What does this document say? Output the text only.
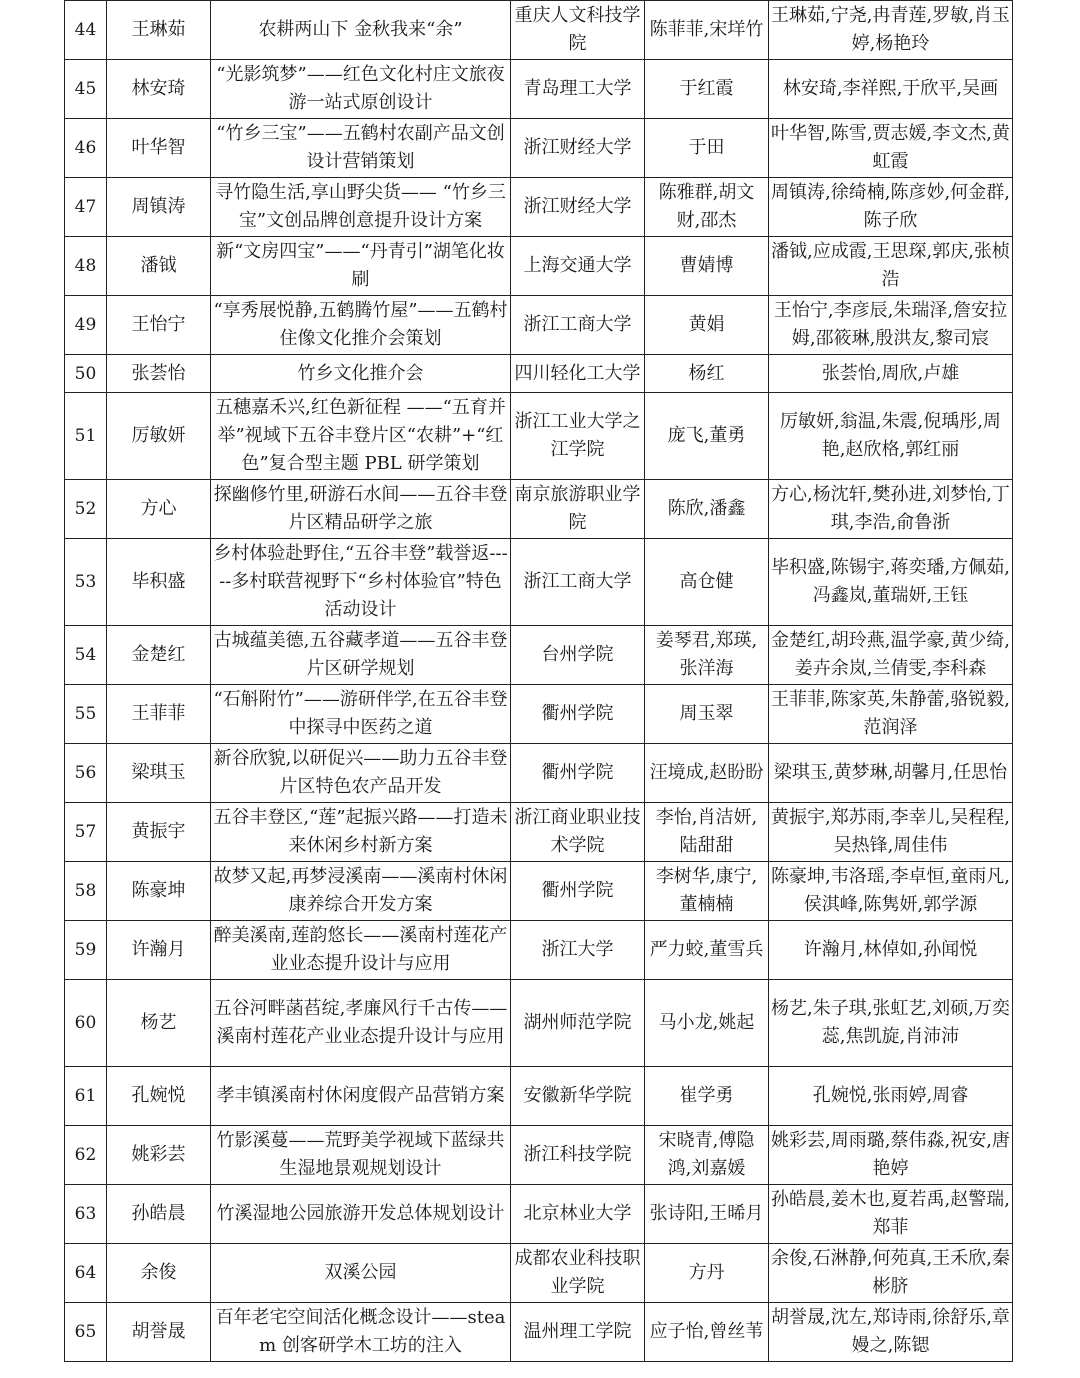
44	王琳茹	农耕两山下 金秋我来“余”	重庆人文科技学院	陈菲菲,宋垟竹	王琳茹,宁尧,冉青莲,罗敏,肖玉婷,杨艳玲
45	林安琦	“光影筑梦”——红色文化村庄文旅夜游一站式原创设计	青岛理工大学	于红霞	林安琦,李祥熙,于欣平,吴画
46	叶华智	“竹乡三宝”——五鹤村农副产品文创设计营销策划	浙江财经大学	于田	叶华智,陈雪,贾志媛,李文杰,黄虹霞
47	周镇涛	寻竹隐生活,享山野尖货—— “竹乡三宝”文创品牌创意提升设计方案	浙江财经大学	陈雅群,胡文财,邵杰	周镇涛,徐绮楠,陈彦妙,何金群,陈子欣
48	潘钺	新“文房四宝”——“丹青引”湖笔化妆刷	上海交通大学	曹婧博	潘钺,应成霞,王思琛,郭庆,张桢浩
49	王怡宁	“享秀展悦静,五鹤腾竹屋”——五鹤村住像文化推介会策划	浙江工商大学	黄娟	王怡宁,李彦辰,朱瑞泽,詹安拉姆,邵筱琳,殷洪友,黎司宸
50	张荟怡	竹乡文化推介会	四川轻化工大学	杨红	张荟怡,周欣,卢雄
51	厉敏妍	五穗嘉禾兴,红色新征程 ——“五育并举”视域下五谷丰登片区“农耕”+“红色”复合型主题 PBL 研学策划	浙江工业大学之江学院	庞飞,董勇	厉敏妍,翁温,朱震,倪瑀彤,周艳,赵欣格,郭红丽
52	方心	探幽修竹里,研游石水间——五谷丰登片区精品研学之旅	南京旅游职业学院	陈欣,潘鑫	方心,杨沈轩,樊孙进,刘梦怡,丁琪,李浩,俞鲁浙
53	毕积盛	乡村体验赴野住,“五谷丰登”载誉返-----多村联营视野下“乡村体验官”特色活动设计	浙江工商大学	高仓健	毕积盛,陈锡宇,蒋奕璠,方佩茹,冯鑫岚,董瑞妍,王钰
54	金楚红	古城蕴美德,五谷藏孝道——五谷丰登片区研学规划	台州学院	姜琴君,郑瑛,张洋海	金楚红,胡玲燕,温学豪,黄少绮,姜卉余岚,兰倩雯,李科森
55	王菲菲	“石斛附竹”——游研伴学,在五谷丰登中探寻中医药之道	衢州学院	周玉翠	王菲菲,陈家英,朱静蕾,骆锐毅,范润泽
56	梁琪玉	新谷欣貌,以研促兴——助力五谷丰登片区特色农产品开发	衢州学院	汪境成,赵盼盼	梁琪玉,黄梦琳,胡馨月,任思怡
57	黄振宇	五谷丰登区,“莲”起振兴路——打造未来休闲乡村新方案	浙江商业职业技术学院	李怡,肖洁妍,陆甜甜	黄振宇,郑苏雨,李幸儿,吴程程,吴热锋,周佳伟
58	陈豪坤	故梦又起,再梦浸溪南——溪南村休闲康养综合开发方案	衢州学院	李树华,康宁,董楠楠	陈豪坤,韦洛瑶,李卓恒,童雨凡,侯淇峰,陈隽妍,郭学源
59	许瀚月	醉美溪南,莲韵悠长——溪南村莲花产业业态提升设计与应用	浙江大学	严力蛟,董雪兵	许瀚月,林倬如,孙闻悦
60	杨艺	五谷河畔菡萏绽,孝廉风行千古传——溪南村莲花产业业态提升设计与应用	湖州师范学院	马小龙,姚起	杨艺,朱子琪,张虹艺,刘硕,万奕蕊,焦凯旋,肖沛沛
61	孔婉悦	孝丰镇溪南村休闲度假产品营销方案	安徽新华学院	崔学勇	孔婉悦,张雨婷,周睿
62	姚彩芸	竹影溪蔓——荒野美学视域下蓝绿共生湿地景观规划设计	浙江科技学院	宋晓青,傅隐鸿,刘嘉媛	姚彩芸,周雨璐,蔡伟淼,祝安,唐艳婷
63	孙皓晨	竹溪湿地公园旅游开发总体规划设计	北京林业大学	张诗阳,王晞月	孙皓晨,姜木也,夏若禹,赵警瑞,郑菲
64	余俊	双溪公园	成都农业科技职业学院	方丹	余俊,石淋静,何苑真,王禾欣,秦彬脐
65	胡誉晟	百年老宅空间活化概念设计——steam 创客研学木工坊的注入	温州理工学院	应子怡,曾丝苇	胡誉晟,沈左,郑诗雨,徐舒乐,章嫚之,陈锶
